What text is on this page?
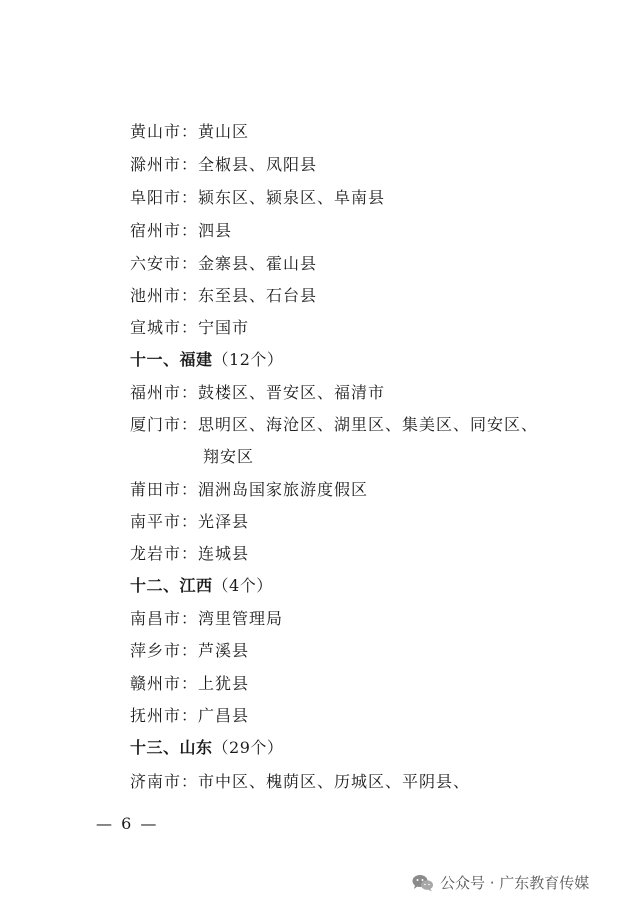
黄山市：黄山区
滁州市：全椒县、凤阳县
阜阳市：颍东区、颍泉区、阜南县
宿州市：泗县
六安市：金寨县、霍山县
池州市：东至县、石台县
宣城市：宁国市
十一、福建（12个）
福州市：鼓楼区、晋安区、福清市
厦门市：思明区、海沧区、湖里区、集美区、同安区、
翔安区
莆田市：湄洲岛国家旅游度假区
南平市：光泽县
龙岩市：连城县
十二、江西（4个）
南昌市：湾里管理局
萍乡市：芦溪县
赣州市：上犹县
抚州市：广昌县
十三、山东（29个）
济南市：市中区、槐荫区、历城区、平阴县、
— 6 —
公众号 · 广东教育传媒
